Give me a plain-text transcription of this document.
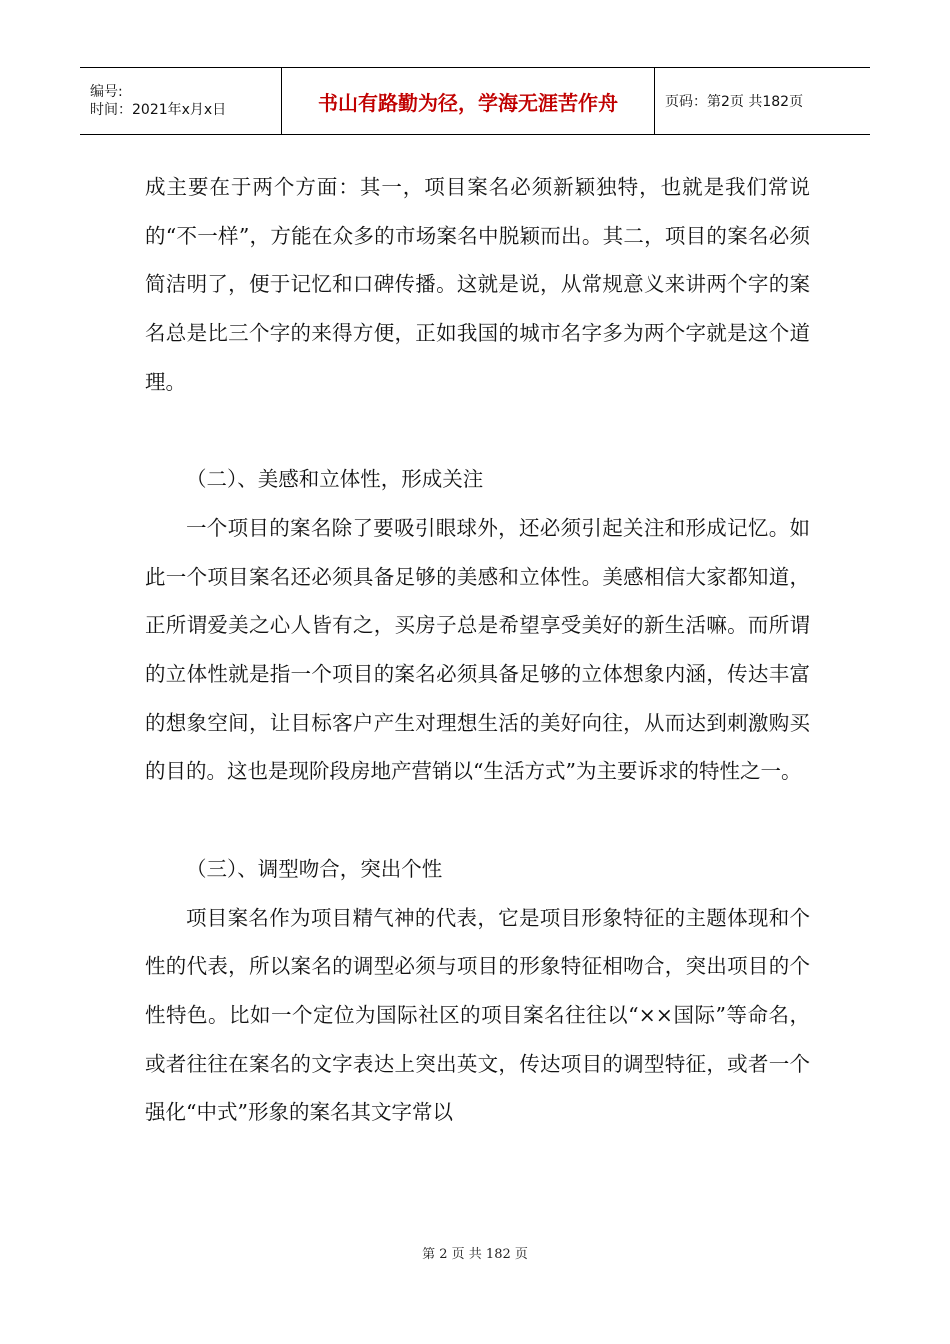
编号:
时间：2021年x月x日	书山有路勤为径，学海无涯苦作舟	页码：第2页 共182页

成主要在于两个方面：其一，项目案名必须新颖独特，也就是我们常说的“不一样”，方能在众多的市场案名中脱颖而出。其二，项目的案名必须简洁明了，便于记忆和口碑传播。这就是说，从常规意义来讲两个字的案名总是比三个字的来得方便，正如我国的城市名字多为两个字就是这个道理。

（二）、美感和立体性，形成关注

一个项目的案名除了要吸引眼球外，还必须引起关注和形成记忆。如此一个项目案名还必须具备足够的美感和立体性。美感相信大家都知道，正所谓爱美之心人皆有之，买房子总是希望享受美好的新生活嘛。而所谓的立体性就是指一个项目的案名必须具备足够的立体想象内涵，传达丰富的想象空间，让目标客户产生对理想生活的美好向往，从而达到刺激购买的目的。这也是现阶段房地产营销以“生活方式”为主要诉求的特性之一。

（三）、调型吻合，突出个性

项目案名作为项目精气神的代表，它是项目形象特征的主题体现和个性的代表，所以案名的调型必须与项目的形象特征相吻合，突出项目的个性特色。比如一个定位为国际社区的项目案名往往以“××国际”等命名，或者往往在案名的文字表达上突出英文，传达项目的调型特征，或者一个强化“中式”形象的案名其文字常以

第 2 页 共 182 页
